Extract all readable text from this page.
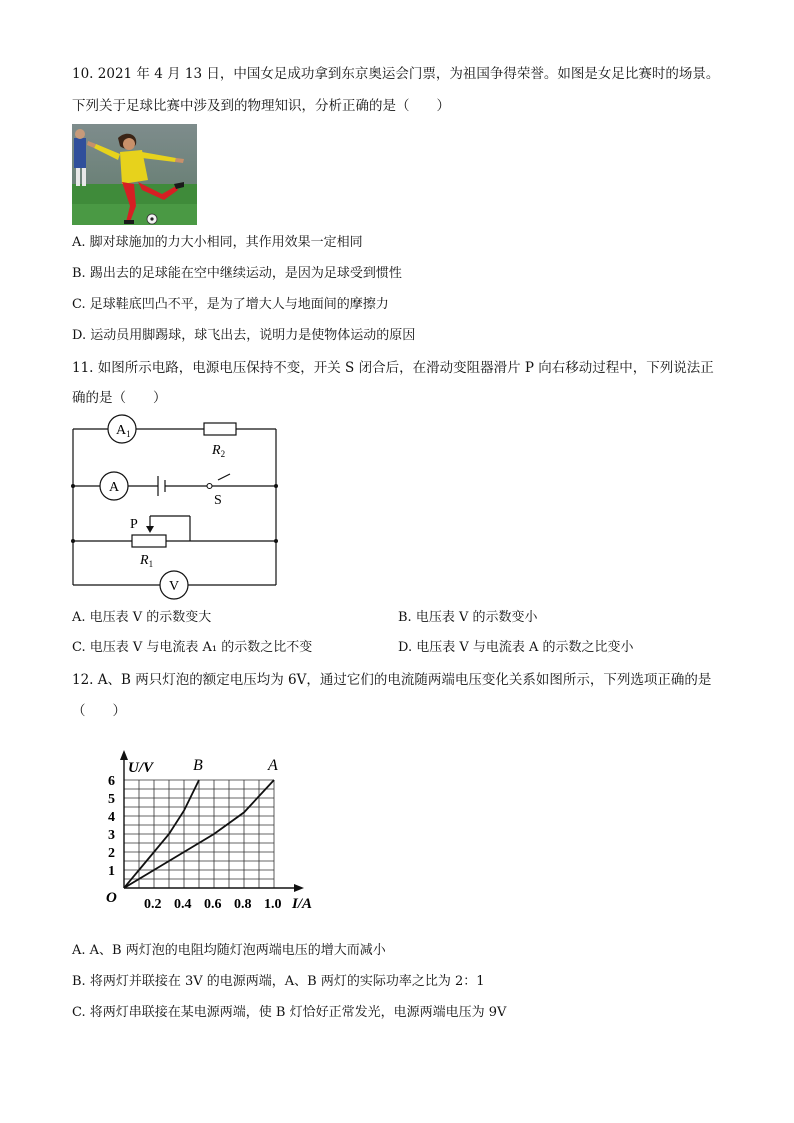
10. 2021 年 4 月 13 日，中国女足成功拿到东京奥运会门票，为祖国争得荣誉。如图是女足比赛时的场景。
下列关于足球比赛中涉及到的物理知识，分析正确的是（　　）
A. 脚对球施加的力大小相同，其作用效果一定相同
B. 踢出去的足球能在空中继续运动，是因为足球受到惯性
C. 足球鞋底凹凸不平，是为了增大人与地面间的摩擦力
D. 运动员用脚踢球，球飞出去，说明力是使物体运动的原因
11. 如图所示电路，电源电压保持不变，开关 S 闭合后，在滑动变阻器滑片 P 向右移动过程中，下列说法正
确的是（　　）
$A_1$
A
V
$R_2$
$R_1$
P
S
A. 电压表 V 的示数变大	B. 电压表 V 的示数变小
C. 电压表 V 与电流表 A₁ 的示数之比不变	D. 电压表 V 与电流表 A 的示数之比变小
12. A、B 两只灯泡的额定电压均为 6V，通过它们的电流随两端电压变化关系如图所示，下列选项正确的是
（　　）
0.2 0.4 0.6 0.8 1.0
1
2
3
4
5
6
O	I/A
U/V B	A
A. A、B 两灯泡的电阻均随灯泡两端电压的增大而减小
B. 将两灯并联接在 3V 的电源两端，A、B 两灯的实际功率之比为 2：1
C. 将两灯串联接在某电源两端，使 B 灯恰好正常发光，电源两端电压为 9V
